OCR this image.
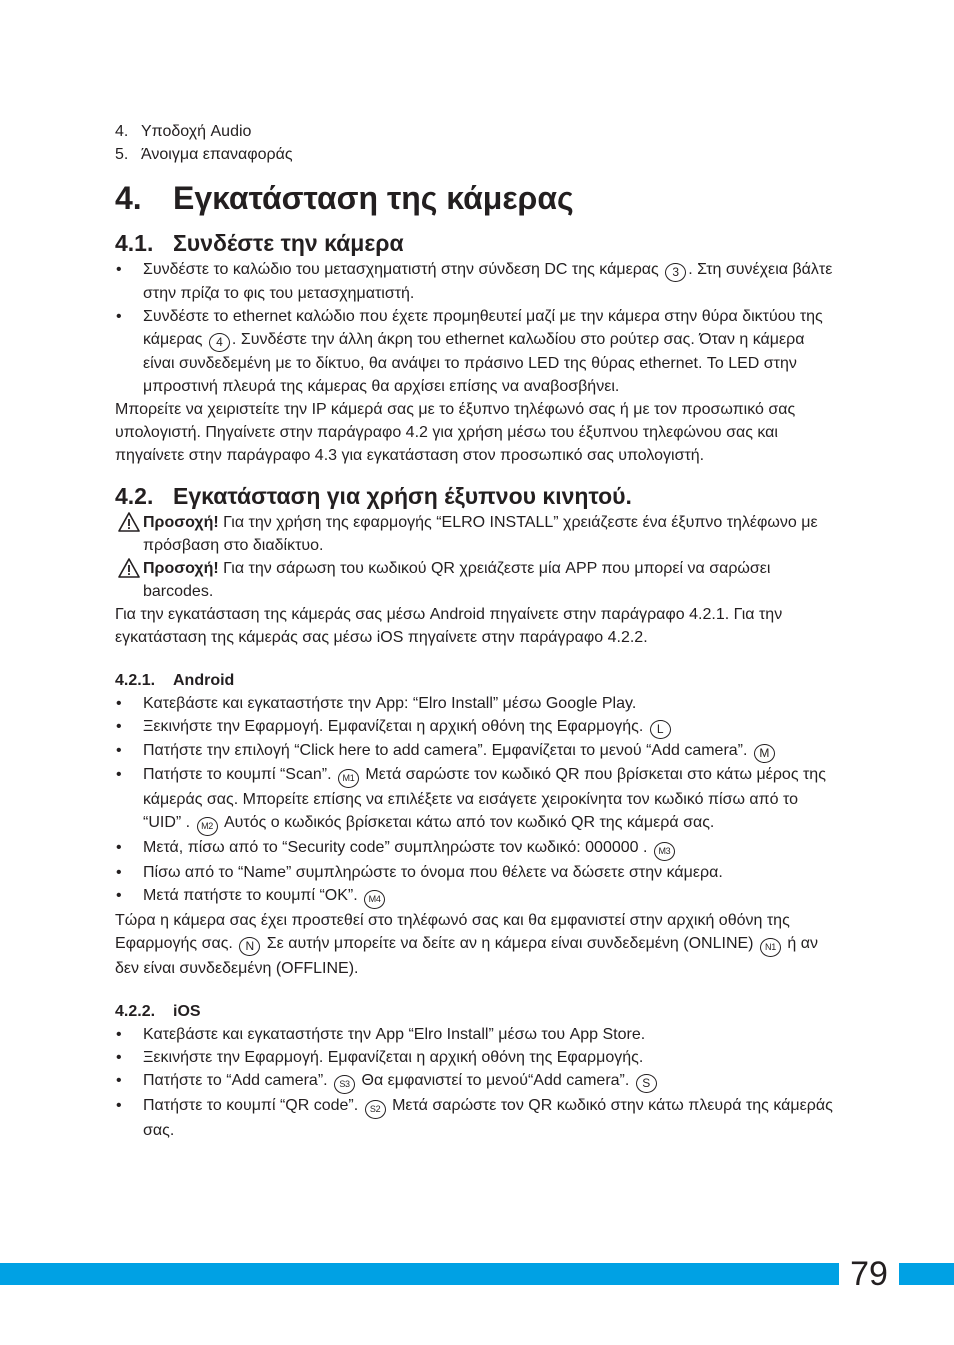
4. Υποδοχή Audio
5. Άνοιγμα επαναφοράς
4. Εγκατάσταση της κάμερας
4.1. Συνδέστε την κάμερα
• Συνδέστε το καλώδιο του μετασχηματιστή στην σύνδεση DC της κάμερας 3 . Στη συνέχεια βάλτε στην πρίζα το φις του μετασχηματιστή.
• Συνδέστε το ethernet καλώδιο που έχετε προμηθευτεί μαζί με την κάμερα στην θύρα δικτύου της κάμερας 4 . Συνδέστε την άλλη άκρη του ethernet καλωδίου στο ρούτερ σας. Όταν η κάμερα είναι συνδεδεμένη με το δίκτυο, θα ανάψει το πράσινο LED της θύρας ethernet. Το LED στην μπροστινή πλευρά της κάμερας θα αρχίσει επίσης να αναβοσβήνει.

Μπορείτε να χειριστείτε την IP κάμερά σας με το έξυπνο τηλέφωνό σας ή με τον προσωπικό σας υπολογιστή. Πηγαίνετε στην παράγραφο 4.2 για χρήση μέσω του έξυπνου τηλεφώνου σας και πηγαίνετε στην παράγραφο 4.3 για εγκατάσταση στον προσωπικό σας υπολογιστή.

4.2. Εγκατάσταση για χρήση έξυπνου κινητού.
Προσοχή! Για την χρήση της εφαρμογής “ELRO INSTALL” χρειάζεστε ένα έξυπνο τηλέφωνο με πρόσβαση στο διαδίκτυο.
Προσοχή! Για την σάρωση του κωδικού QR χρειάζεστε μία APP που μπορεί να σαρώσει barcodes.

Για την εγκατάσταση της κάμεράς σας μέσω Android πηγαίνετε στην παράγραφο 4.2.1. Για την εγκατάσταση της κάμεράς σας μέσω iOS πηγαίνετε στην παράγραφο 4.2.2.

4.2.1.	Android
• Κατεβάστε και εγκαταστήστε την App: “Elro Install” μέσω Google Play.
• Ξεκινήστε την Εφαρμογή. Εμφανίζεται η αρχική οθόνη της Εφαρμογής. L
• Πατήστε την επιλογή “Click here to add camera”. Εμφανίζεται το μενού “Add camera”. M
• Πατήστε το κουμπί “Scan”. M1 Μετά σαρώστε τον κωδικό QR που βρίσκεται στο κάτω μέρος της κάμεράς σας. Μπορείτε επίσης να επιλέξετε να εισάγετε χειροκίνητα τον κωδικό πίσω από το “UID” . M2 Αυτός ο κωδικός βρίσκεται κάτω από τον κωδικό QR της κάμερά σας.
• Μετά, πίσω από το “Security code” συμπληρώστε τον κωδικό: 000000 . M3
• Πίσω από το “Name” συμπληρώστε το όνομα που θέλετε να δώσετε στην κάμερα.
• Μετά πατήστε το κουμπί “OK”. M4

Τώρα η κάμερα σας έχει προστεθεί στο τηλέφωνό σας και θα εμφανιστεί στην αρχική οθόνη της Εφαρμογής σας. N Σε αυτήν μπορείτε να δείτε αν η κάμερα είναι συνδεδεμένη (ONLINE) N1 ή αν δεν είναι συνδεδεμένη (OFFLINE).

4.2.2.	iOS
• Κατεβάστε και εγκαταστήστε την App “Elro Install” μέσω του App Store.
• Ξεκινήστε την Εφαρμογή. Εμφανίζεται η αρχική οθόνη της Εφαρμογής.
• Πατήστε το “Add camera”. S3 Θα εμφανιστεί το μενού“Add camera”. S
• Πατήστε το κουμπί “QR code”. S2 Μετά σαρώστε τον QR κωδικό στην κάτω πλευρά της κάμεράς σας.
79
